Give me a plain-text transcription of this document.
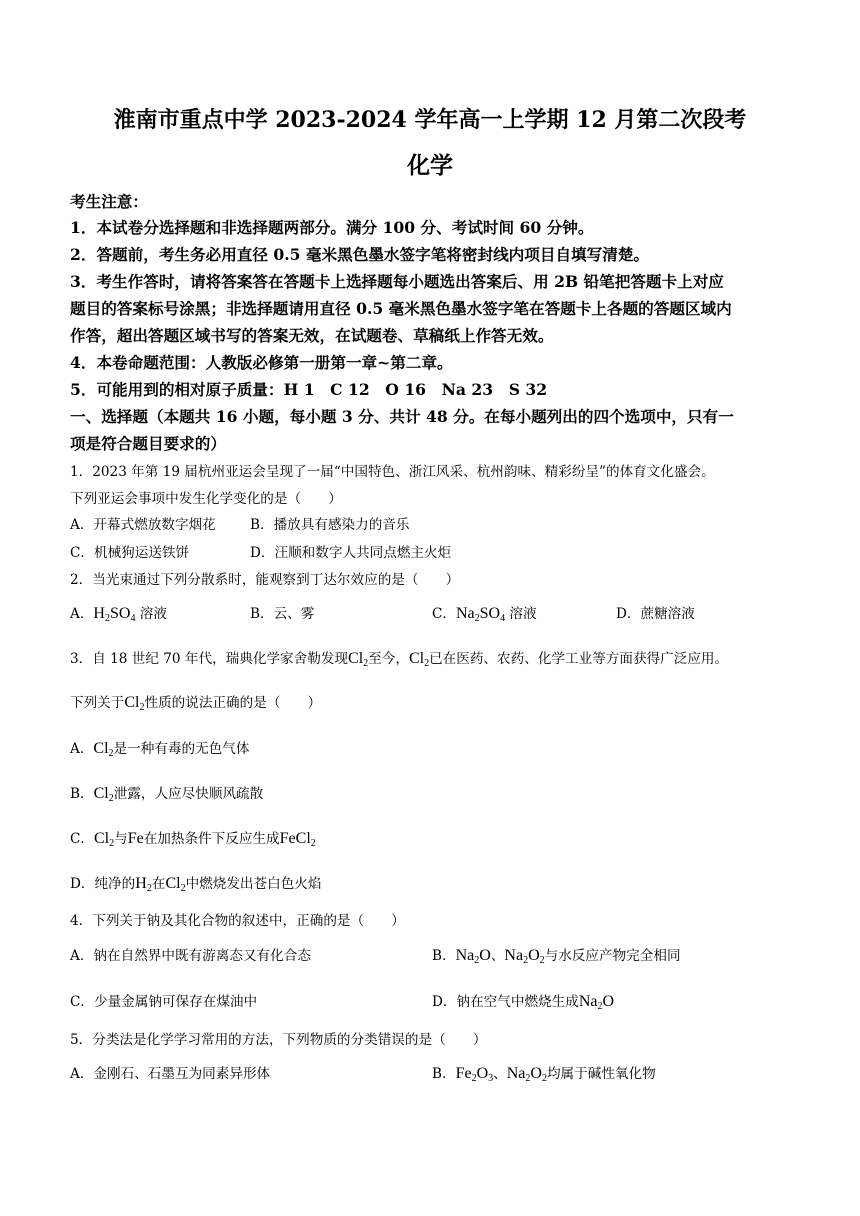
淮南市重点中学 2023-2024 学年高一上学期 12 月第二次段考
化学
考生注意：
1．本试卷分选择题和非选择题两部分。满分 100 分、考试时间 60 分钟。
2．答题前，考生务必用直径 0.5 毫米黑色墨水签字笔将密封线内项目自填写清楚。
3．考生作答时，请将答案答在答题卡上选择题每小题选出答案后、用 2B 铅笔把答题卡上对应
题目的答案标号涂黑；非选择题请用直径 0.5 毫米黑色墨水签字笔在答题卡上各题的答题区域内
作答，超出答题区域书写的答案无效，在试题卷、草稿纸上作答无效。
4．本卷命题范围：人教版必修第一册第一章~第二章。
5．可能用到的相对原子质量：H 1　C 12　O 16　Na 23　S 32
一、选择题（本题共 16 小题，每小题 3 分、共计 48 分。在每小题列出的四个选项中，只有一
项是符合题目要求的）
1．2023 年第 19 届杭州亚运会呈现了一届“中国特色、浙江风采、杭州韵味、精彩纷呈”的体育文化盛会。
下列亚运会事项中发生化学变化的是（　　）
A．开幕式燃放数字烟花	B．播放具有感染力的音乐
C．机械狗运送铁饼	D．汪顺和数字人共同点燃主火炬
2．当光束通过下列分散系时，能观察到丁达尔效应的是（　　）
A．$H_2SO_4$ 溶液	B．云、雾	C．$Na_2SO_4$ 溶液	D．蔗糖溶液
3．自 18 世纪 70 年代，瑞典化学家舍勒发现$Cl_2$至今，$Cl_2$已在医药、农药、化学工业等方面获得广泛应用。
下列关于$Cl_2$性质的说法正确的是（　　）
A．$Cl_2$是一种有毒的无色气体
B．$Cl_2$泄露，人应尽快顺风疏散
C．$Cl_2$与Fe在加热条件下反应生成FeCl$_2$
D．纯净的$H_2$在$Cl_2$中燃烧发出苍白色火焰
4．下列关于钠及其化合物的叙述中，正确的是（　　）
A．钠在自然界中既有游离态又有化合态	B．$Na_2O$、$Na_2O_2$与水反应产物完全相同
C．少量金属钠可保存在煤油中	D．钠在空气中燃烧生成$Na_2O$
5．分类法是化学学习常用的方法，下列物质的分类错误的是（　　）
A．金刚石、石墨互为同素异形体	B．$Fe_2O_3$、$Na_2O_2$均属于碱性氧化物
